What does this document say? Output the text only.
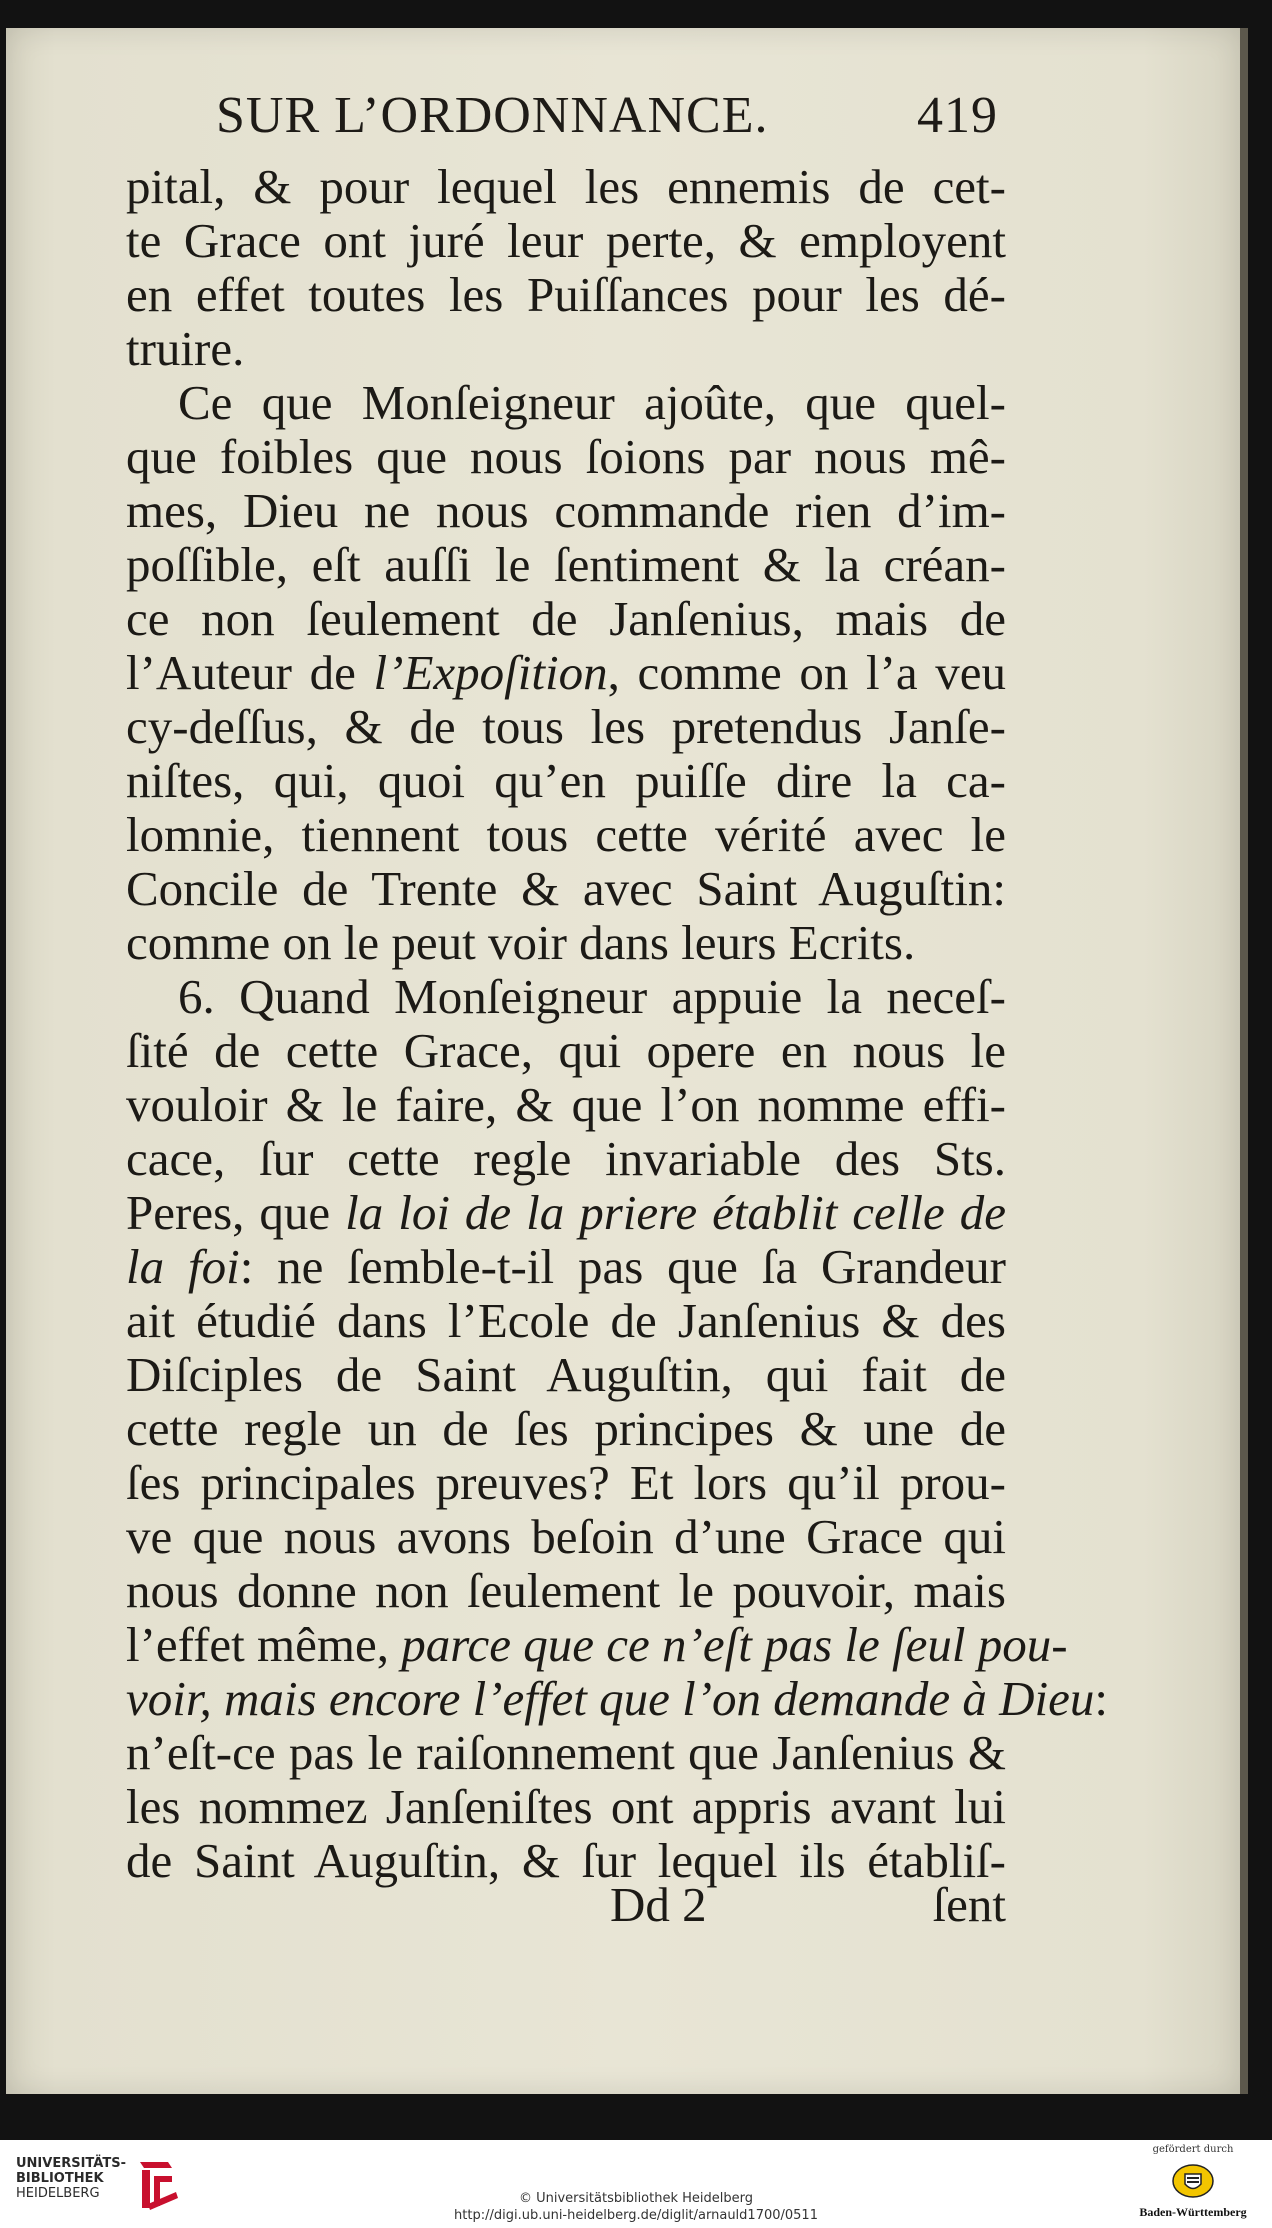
SUR L’ORDONNANCE.	419
pital, & pour lequel les ennemis de cet-
te Grace ont juré leur perte, & employent
en effet toutes les Puiſſances pour les dé-
truire.
Ce que Monſeigneur ajoûte, que quel-
que foibles que nous ſoions par nous mê-
mes, Dieu ne nous commande rien d’im-
poſſible, eſt auſſi le ſentiment & la créan-
ce non ſeulement de Janſenius, mais de
l’Auteur de l’Expoſition, comme on l’a veu
cy-deſſus, & de tous les pretendus Janſe-
niſtes, qui, quoi qu’en puiſſe dire la ca-
lomnie, tiennent tous cette vérité avec le
Concile de Trente & avec Saint Auguſtin:
comme on le peut voir dans leurs Ecrits.
6. Quand Monſeigneur appuie la neceſ-
ſité de cette Grace, qui opere en nous le
vouloir & le faire, & que l’on nomme effi-
cace, ſur cette regle invariable des Sts.
Peres, que la loi de la priere établit celle de
la foi: ne ſemble-t-il pas que ſa Grandeur
ait étudié dans l’Ecole de Janſenius & des
Diſciples de Saint Auguſtin, qui fait de
cette regle un de ſes principes & une de
ſes principales preuves? Et lors qu’il prou-
ve que nous avons beſoin d’une Grace qui
nous donne non ſeulement le pouvoir, mais
l’effet même, parce que ce n’eſt pas le ſeul pou-
voir, mais encore l’effet que l’on demande à Dieu:
n’eſt-ce pas le raiſonnement que Janſenius &
les nommez Janſeniſtes ont appris avant lui
de Saint Auguſtin, & ſur lequel ils établiſ-
Dd 2	ſent
UNIVERSITÄTS-
BIBLIOTHEK
HEIDELBERG	© Universitätsbibliothek Heidelberg
http://digi.ub.uni-heidelberg.de/diglit/arnauld1700/0511
gefördert durch
Baden-Württemberg
